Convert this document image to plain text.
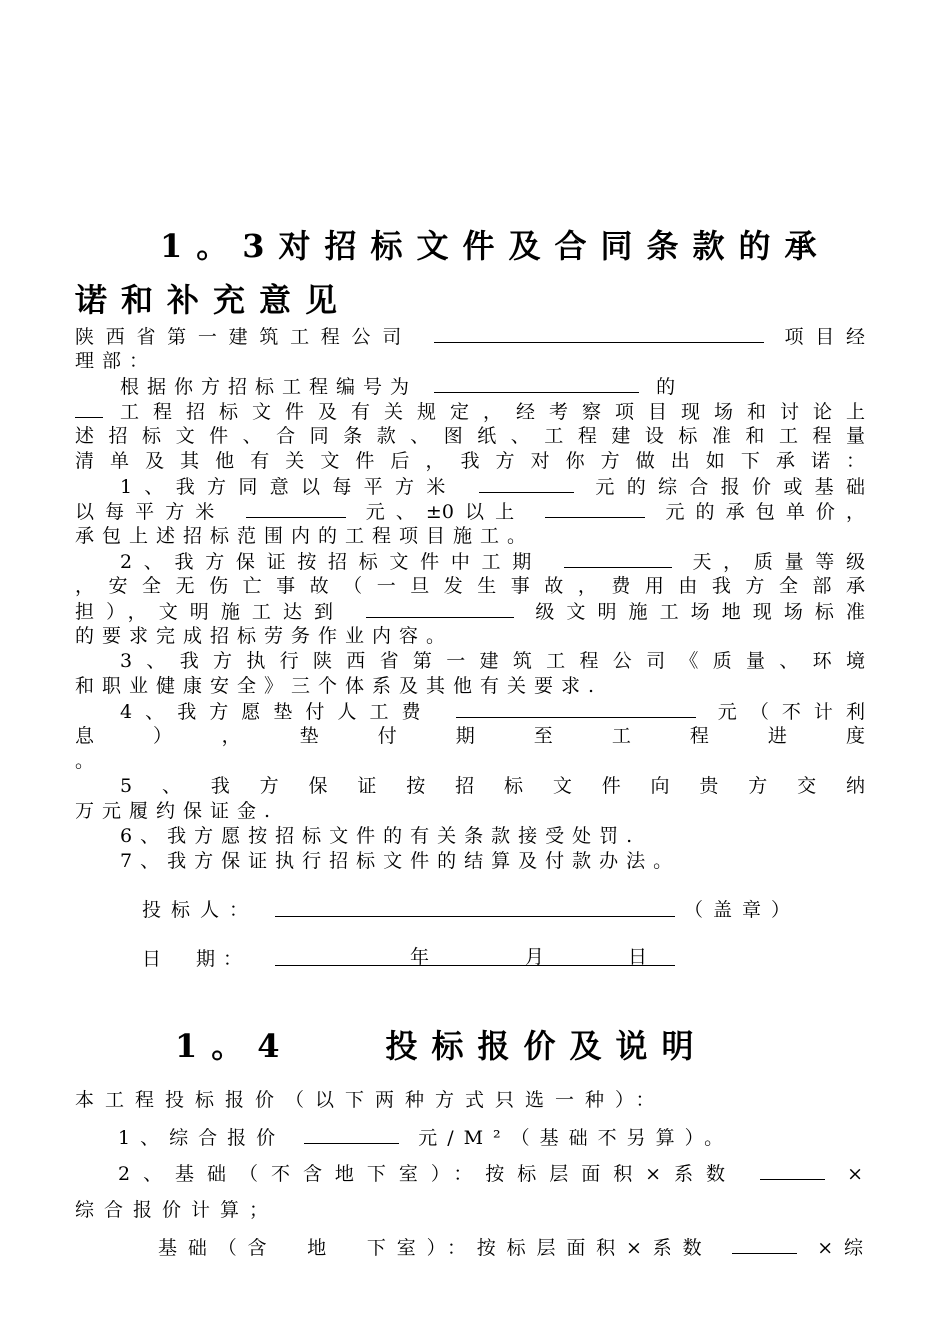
1。3对招标文件及合同条款的承
诺和补充意见
陕西省第一建筑工程公司	项目经
理部：
根据你方招标工程编号为	的
工程招标文件及有关规定，经考察项目现场和讨论上
述招标文件、合同条款、图纸、工程建设标准和工程量
清单及其他有关文件后，我方对你方做出如下承诺：
1、我方同意以每平方米	元的综合报价或基础
以每平方米	元、±0以上	元的承包单价，
承包上述招标范围内的工程项目施工。
2、我方保证按招标文件中工期	天，质量等级
，安全无伤亡事故（一旦发生事故，费用由我方全部承
担），文明施工达到	级文明施工场地现场标准
的要求完成招标劳务作业内容。
3、我方执行陕西省第一建筑工程公司《质量、环境
和职业健康安全》三个体系及其他有关要求.
4、我方愿垫付人工费	元（不计利
息），垫付期至工程进度
。
5、我方保证按招标文件向贵方交纳
万元履约保证金.
6、我方愿按招标文件的有关条款接受处罚.
7、我方保证执行招标文件的结算及付款办法。
投标人：	（盖章）
日　期：	年	月	日
1。4　　投标报价及说明
本工程投标报价（以下两种方式只选一种）：
1、综合报价	元/M²（基础不另算）。
2、基础（不含地下室）：按标层面积×系数	×
综合报价计算；
基础（含　地　下室）：按标层面积×系数	×综
